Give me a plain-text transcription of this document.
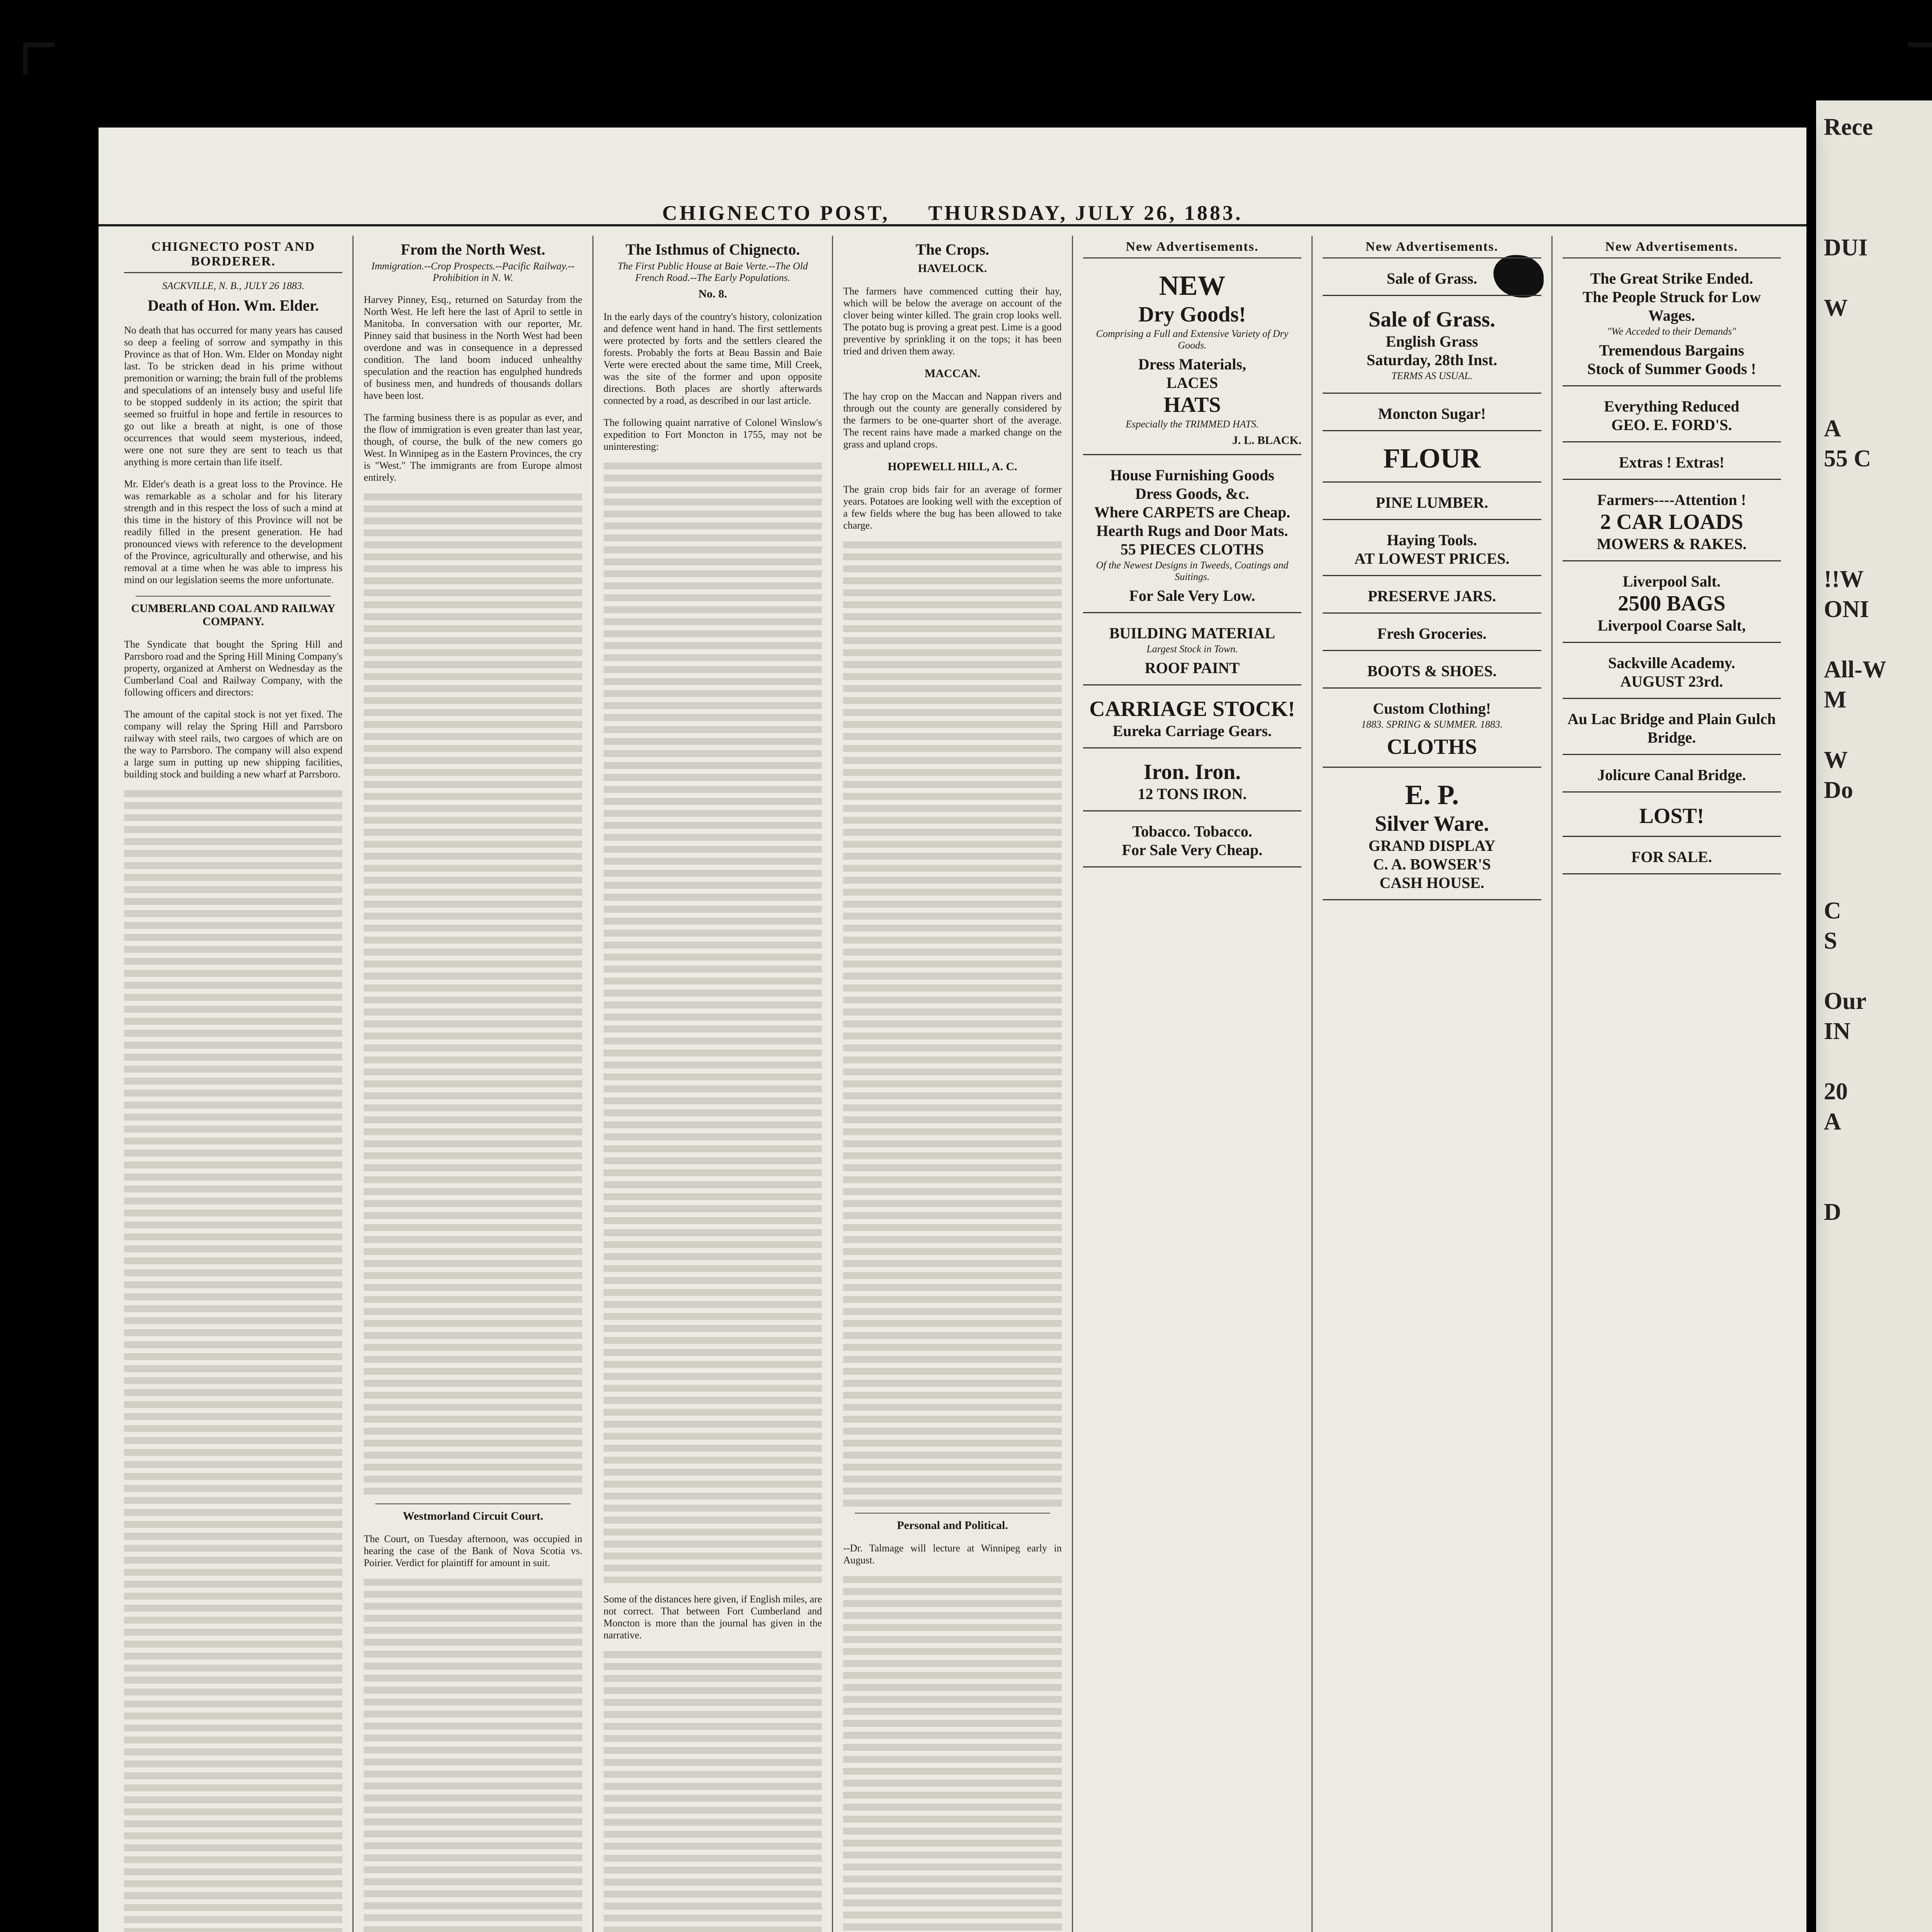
Rece

DUI

W

A
55 C

!!W
ONI

All-W
M

W
Do

C
S

Our
IN

20
A

D
CHIGNECTO POST, THURSDAY, JULY 26, 1883.
CHIGNECTO POST AND BORDERER.
SACKVILLE, N. B., JULY 26 1883.
Death of Hon. Wm. Elder.

No death that has occurred for many years has caused so deep a feeling of sorrow and sympathy in this Province as that of Hon. Wm. Elder on Monday night last. To be stricken dead in his prime without premonition or warning; the brain full of the problems and speculations of an intensely busy and useful life to be stopped suddenly in its action; the spirit that seemed so fruitful in hope and fertile in resources to go out like a breath at night, is one of those occurrences that would seem mysterious, indeed, were one not sure they are sent to teach us that anything is more certain than life itself.

Mr. Elder's death is a great loss to the Province. He was remarkable as a scholar and for his literary strength and in this respect the loss of such a mind at this time in the history of this Province will not be readily filled in the present generation. He had pronounced views with reference to the development of the Province, agriculturally and otherwise, and his removal at a time when he was able to impress his mind on our legislation seems the more unfortunate.

CUMBERLAND COAL AND RAILWAY COMPANY.

The Syndicate that bought the Spring Hill and Parrsboro road and the Spring Hill Mining Company's property, organized at Amherst on Wednesday as the Cumberland Coal and Railway Company, with the following officers and directors:

The amount of the capital stock is not yet fixed. The company will relay the Spring Hill and Parrsboro railway with steel rails, two cargoes of which are on the way to Parrsboro. The company will also expend a large sum in putting up new shipping facilities, building stock and building a new wharf at Parrsboro.

From the North West.
Immigration.--Crop Prospects.--Pacific Railway.--Prohibition in N. W.

Harvey Pinney, Esq., returned on Saturday from the North West. He left here the last of April to settle in Manitoba. In conversation with our reporter, Mr. Pinney said that business in the North West had been overdone and was in consequence in a depressed condition. The land boom induced unhealthy speculation and the reaction has engulphed hundreds of business men, and hundreds of thousands dollars have been lost.

The farming business there is as popular as ever, and the flow of immigration is even greater than last year, though, of course, the bulk of the new comers go West. In Winnipeg as in the Eastern Provinces, the cry is "West." The immigrants are from Europe almost entirely.

Westmorland Circuit Court.

The Court, on Tuesday afternoon, was occupied in hearing the case of the Bank of Nova Scotia vs. Poirier. Verdict for plaintiff for amount in suit.

The Isthmus of Chignecto.
The First Public House at Baie Verte.--The Old French Road.--The Early Populations.
No. 8.

In the early days of the country's history, colonization and defence went hand in hand. The first settlements were protected by forts and the settlers cleared the forests. Probably the forts at Beau Bassin and Baie Verte were erected about the same time, Mill Creek, was the site of the former and upon opposite directions. Both places are shortly afterwards connected by a road, as described in our last article.

The following quaint narrative of Colonel Winslow's expedition to Fort Moncton in 1755, may not be uninteresting:

Some of the distances here given, if English miles, are not correct. That between Fort Cumberland and Moncton is more than the journal has given in the narrative.

The Crops.
HAVELOCK.

The farmers have commenced cutting their hay, which will be below the average on account of the clover being winter killed. The grain crop looks well. The potato bug is proving a great pest. Lime is a good preventive by sprinkling it on the tops; it has been tried and driven them away.

MACCAN.

The hay crop on the Maccan and Nappan rivers and through out the county are generally considered by the farmers to be one-quarter short of the average. The recent rains have made a marked change on the grass and upland crops.

HOPEWELL HILL, A. C.

The grain crop bids fair for an average of former years. Potatoes are looking well with the exception of a few fields where the bug has been allowed to take charge.

Personal and Political.

--Dr. Talmage will lecture at Winnipeg early in August.

New Advertisements.
NEW
Dry Goods!
Comprising a Full and Extensive Variety of Dry Goods.
Dress Materials,
LACES
HATS
Especially the TRIMMED HATS.
J. L. BLACK.
House Furnishing Goods
Dress Goods, &c.
Where CARPETS are Cheap.
Hearth Rugs and Door Mats.
55 PIECES CLOTHS
Of the Newest Designs in Tweeds, Coatings and Suitings.
For Sale Very Low.
BUILDING MATERIAL
Largest Stock in Town.
ROOF PAINT
CARRIAGE STOCK!
Eureka Carriage Gears.
Iron. Iron.
12 TONS IRON.
Tobacco. Tobacco.
For Sale Very Cheap.
New Advertisements.
Sale of Grass.
Sale of Grass.
English Grass
Saturday, 28th Inst.
TERMS AS USUAL.
Moncton Sugar!
FLOUR
PINE LUMBER.
Haying Tools.
AT LOWEST PRICES.
PRESERVE JARS.
Fresh Groceries.
BOOTS & SHOES.
Custom Clothing!
1883. SPRING & SUMMER. 1883.
CLOTHS
E. P.
Silver Ware.
GRAND DISPLAY
C. A. BOWSER'S
CASH HOUSE.
New Advertisements.
The Great Strike Ended.
The People Struck for Low Wages.
"We Acceded to their Demands"
Tremendous Bargains
Stock of Summer Goods !
Everything Reduced
GEO. E. FORD'S.
Extras ! Extras!
Farmers----Attention !
2 CAR LOADS
MOWERS & RAKES.
Liverpool Salt.
2500 BAGS
Liverpool Coarse Salt,
Sackville Academy.
AUGUST 23rd.
Au Lac Bridge and Plain Gulch Bridge.
Jolicure Canal Bridge.
LOST!
FOR SALE.
